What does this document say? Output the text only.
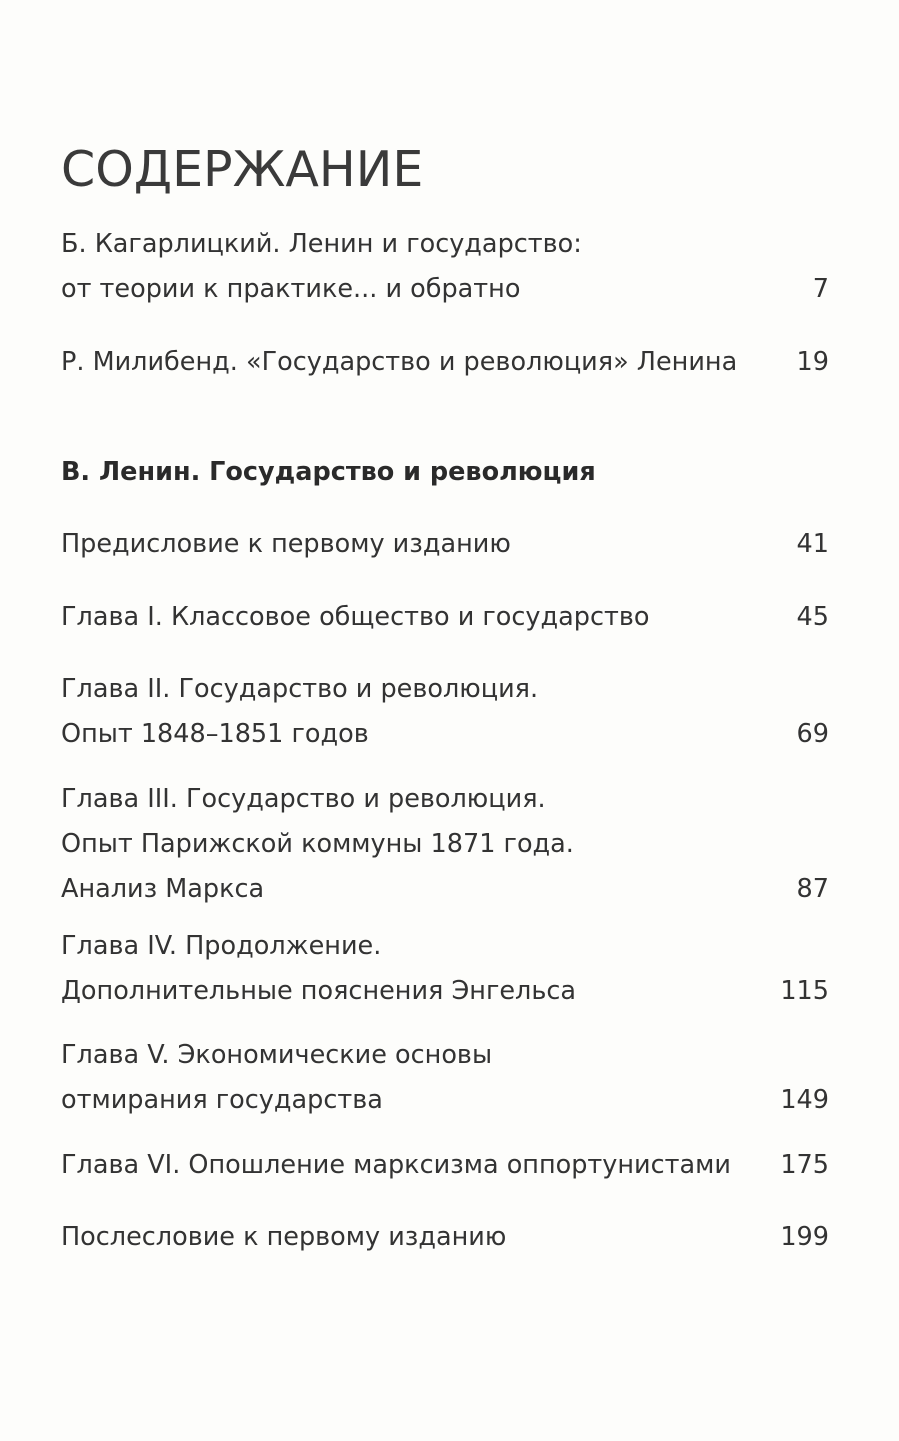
СОДЕРЖАНИЕ
Б. Кагарлицкий. Ленин и государство:
от теории к практике... и обратно	7
Р. Милибенд. «Государство и революция» Ленина	19
В. Ленин. Государство и революция
Предисловие к первому изданию	41
Глава I. Классовое общество и государство	45
Глава II. Государство и революция.
Опыт 1848–1851 годов	69
Глава III. Государство и революция.
Опыт Парижской коммуны 1871 года.
Анализ Маркса	87
Глава IV. Продолжение.
Дополнительные пояснения Энгельса	115
Глава V. Экономические основы
отмирания государства	149
Глава VI. Опошление марксизма оппортунистами	175
Послесловие к первому изданию	199
